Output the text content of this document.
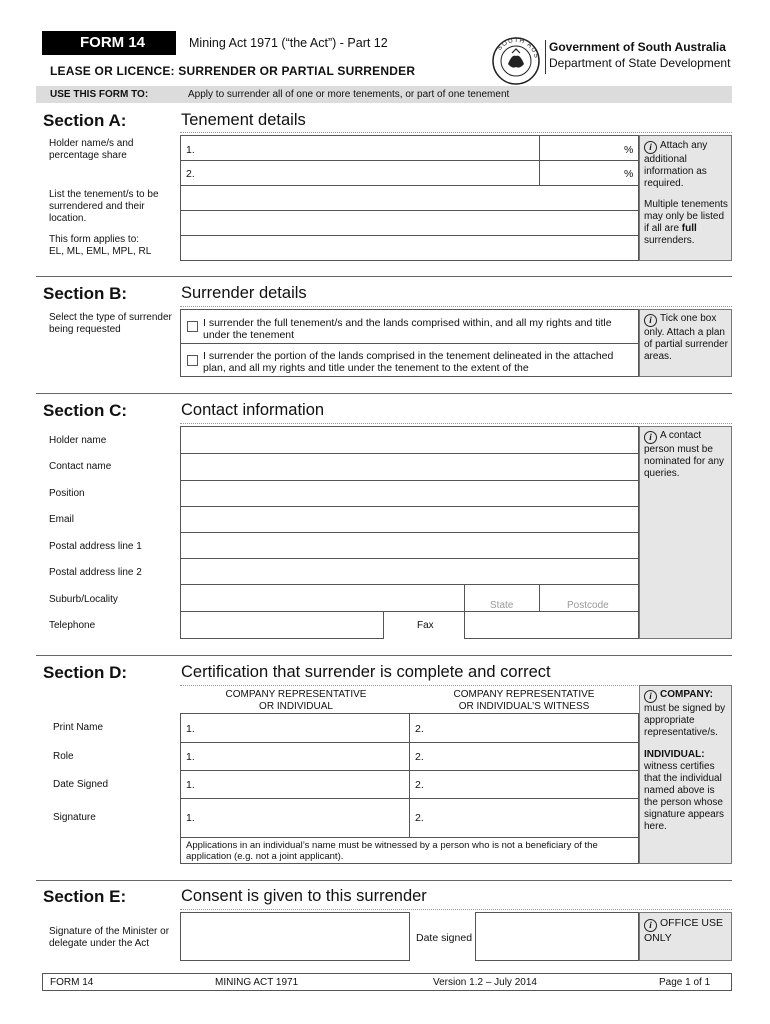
FORM 14	Mining Act 1971 (“the Act”) - Part 12
LEASE OR LICENCE: SURRENDER OR PARTIAL SURRENDER
SOUTH AUS
Government of South Australia
Department of State Development
USE THIS FORM TO:	Apply to surrender all of one or more tenements, or part of one tenement
Section A:	Tenement details
Holder name/s and percentage share	1.	%
2.	%
List the tenement/s to be surrendered and their location.
This form applies to:
EL, ML, EML, MPL, RL
i Attach any additional information as required.
Multiple tenements may only be listed if all are full surrenders.
Section B:	Surrender details
Select the type of surrender being requested
I surrender the full tenement/s and the lands comprised within, and all my rights and title under the tenement
I surrender the portion of the lands comprised in the tenement delineated in the attached plan, and all my rights and title under the tenement to the extent of the
i Tick one box only. Attach a plan of partial surrender areas.
Section C:	Contact information
Holder name
Contact name
Position
Email
Postal address line 1
Postal address line 2
Suburb/Locality
State	Postcode
Telephone	Fax
i A contact person must be nominated for any queries.
Section D:	Certification that surrender is complete and correct
COMPANY REPRESENTATIVE OR INDIVIDUAL
COMPANY REPRESENTATIVE OR INDIVIDUAL’S WITNESS
Print Name	1.	2.
Role	1.	2.
Date Signed	1.	2.
Signature	1.	2.
Applications in an individual’s name must be witnessed by a person who is not a beneficiary of the application (e.g. not a joint applicant).
i COMPANY:
must be signed by appropriate representative/s.
INDIVIDUAL:
witness certifies that the individual named above is the person whose signature appears here.
Section E:	Consent is given to this surrender
Signature of the Minister or delegate under the Act	Date signed
i OFFICE USE ONLY
FORM 14	MINING ACT 1971	Version 1.2 – July 2014	Page 1 of 1
